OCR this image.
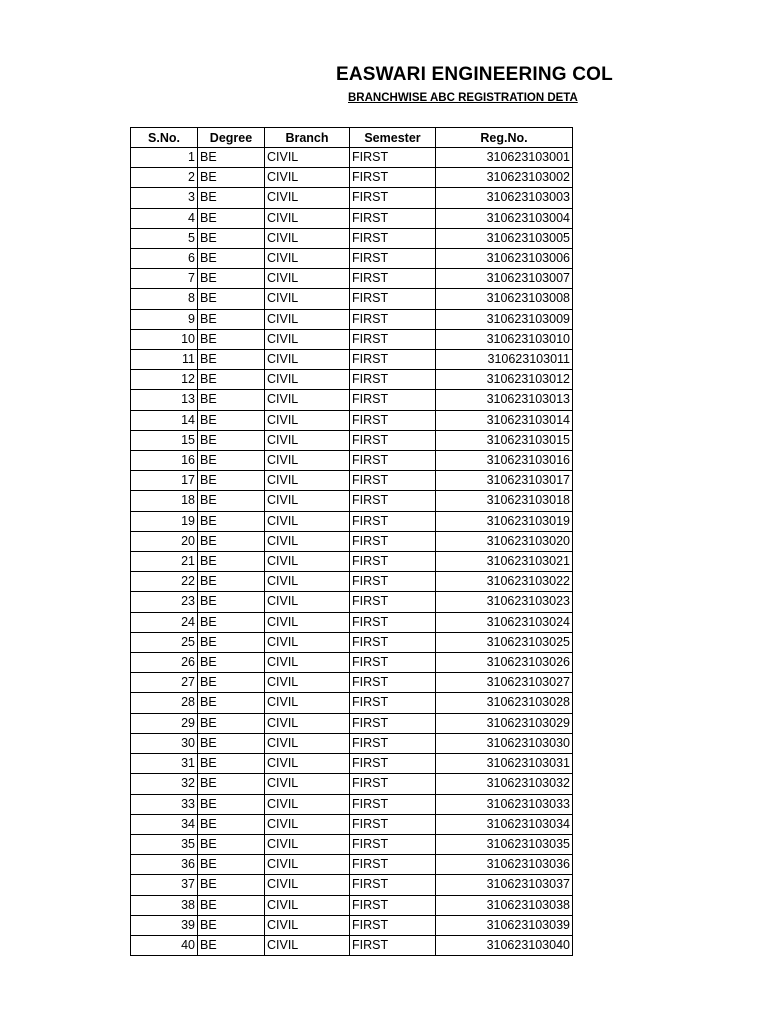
EASWARI ENGINEERING COL
BRANCHWISE ABC REGISTRATION DETA
S.No.	Degree	Branch	Semester	Reg.No.
1	BE	CIVIL	FIRST	310623103001
2	BE	CIVIL	FIRST	310623103002
3	BE	CIVIL	FIRST	310623103003
4	BE	CIVIL	FIRST	310623103004
5	BE	CIVIL	FIRST	310623103005
6	BE	CIVIL	FIRST	310623103006
7	BE	CIVIL	FIRST	310623103007
8	BE	CIVIL	FIRST	310623103008
9	BE	CIVIL	FIRST	310623103009
10	BE	CIVIL	FIRST	310623103010
11	BE	CIVIL	FIRST	310623103011
12	BE	CIVIL	FIRST	310623103012
13	BE	CIVIL	FIRST	310623103013
14	BE	CIVIL	FIRST	310623103014
15	BE	CIVIL	FIRST	310623103015
16	BE	CIVIL	FIRST	310623103016
17	BE	CIVIL	FIRST	310623103017
18	BE	CIVIL	FIRST	310623103018
19	BE	CIVIL	FIRST	310623103019
20	BE	CIVIL	FIRST	310623103020
21	BE	CIVIL	FIRST	310623103021
22	BE	CIVIL	FIRST	310623103022
23	BE	CIVIL	FIRST	310623103023
24	BE	CIVIL	FIRST	310623103024
25	BE	CIVIL	FIRST	310623103025
26	BE	CIVIL	FIRST	310623103026
27	BE	CIVIL	FIRST	310623103027
28	BE	CIVIL	FIRST	310623103028
29	BE	CIVIL	FIRST	310623103029
30	BE	CIVIL	FIRST	310623103030
31	BE	CIVIL	FIRST	310623103031
32	BE	CIVIL	FIRST	310623103032
33	BE	CIVIL	FIRST	310623103033
34	BE	CIVIL	FIRST	310623103034
35	BE	CIVIL	FIRST	310623103035
36	BE	CIVIL	FIRST	310623103036
37	BE	CIVIL	FIRST	310623103037
38	BE	CIVIL	FIRST	310623103038
39	BE	CIVIL	FIRST	310623103039
40	BE	CIVIL	FIRST	310623103040
